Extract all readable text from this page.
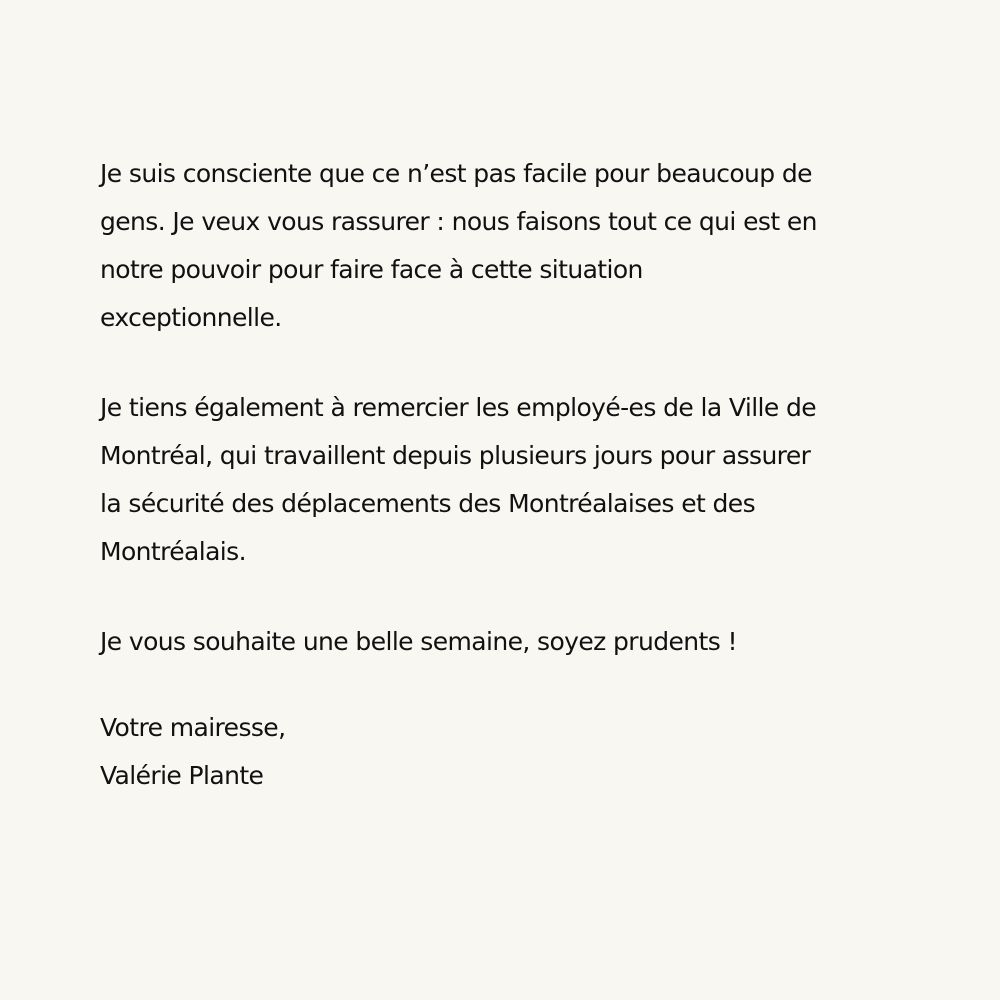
Je suis consciente que ce n’est pas facile pour beaucoup de
gens. Je veux vous rassurer : nous faisons tout ce qui est en
notre pouvoir pour faire face à cette situation
exceptionnelle.
Je tiens également à remercier les employé-es de la Ville de
Montréal, qui travaillent depuis plusieurs jours pour assurer
la sécurité des déplacements des Montréalaises et des
Montréalais.
Je vous souhaite une belle semaine, soyez prudents !
Votre mairesse,
Valérie Plante
